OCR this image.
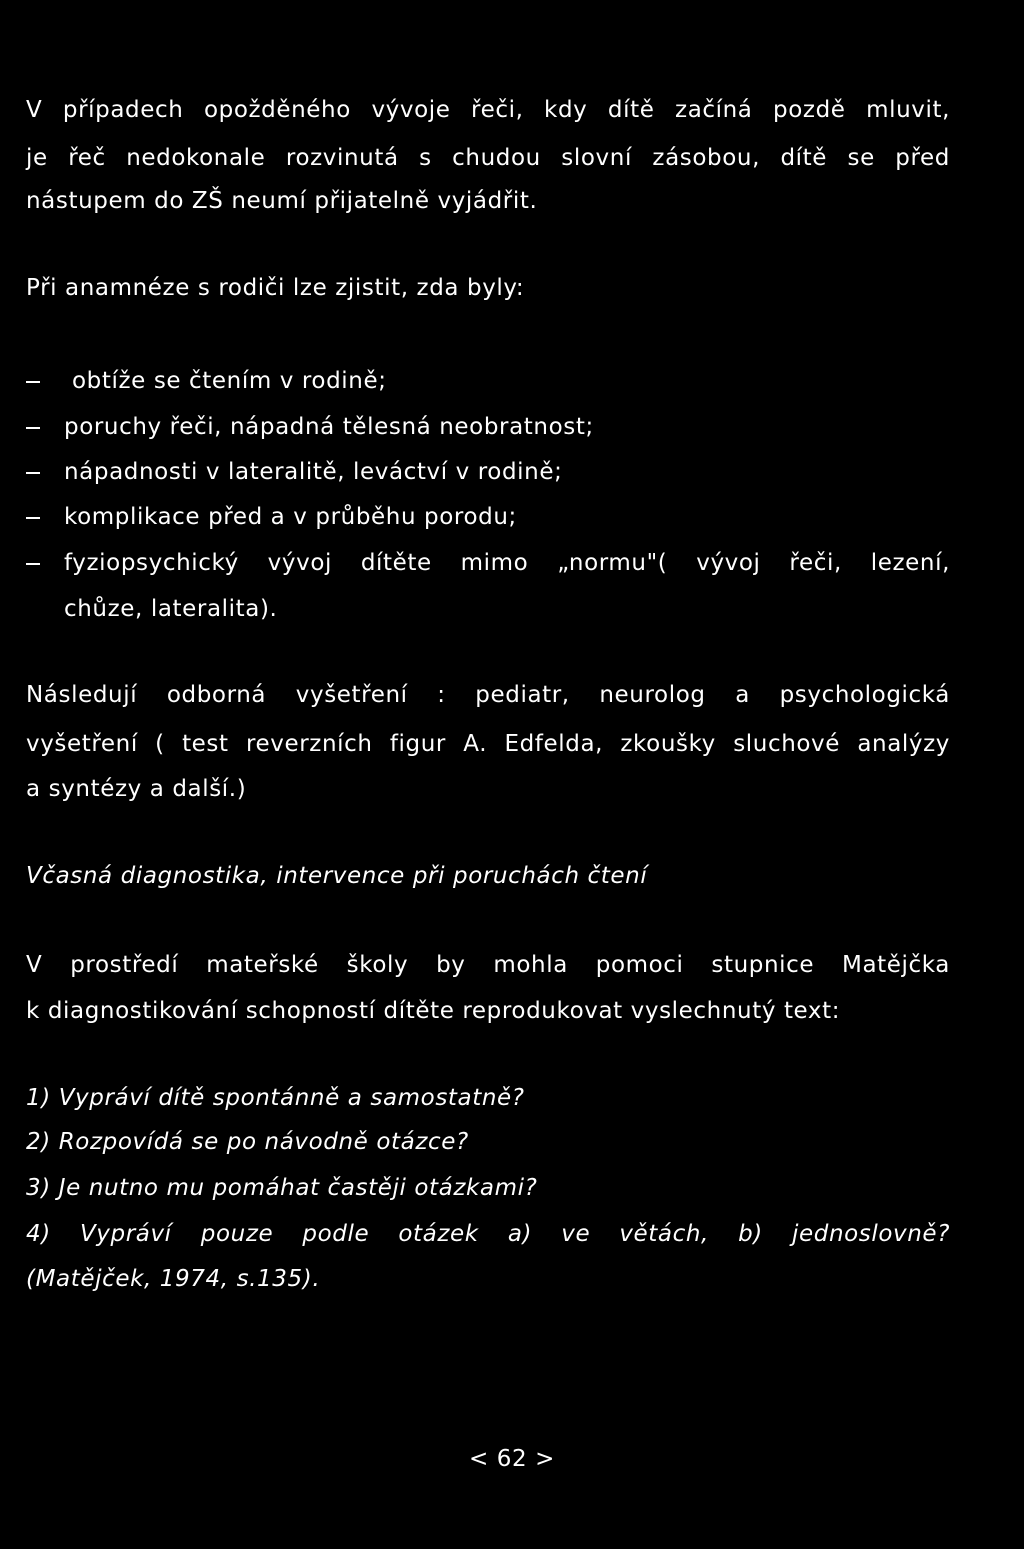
V případech opožděného vývoje řeči, kdy dítě začíná pozdě mluvit,
je řeč nedokonale rozvinutá s chudou slovní zásobou, dítě se před
nástupem do ZŠ neumí přijatelně vyjádřit.
Při anamnéze s rodiči lze zjistit, zda byly:
obtíže se čtením v rodině;
poruchy řeči, nápadná tělesná neobratnost;
nápadnosti v lateralitě, leváctví v rodině;
komplikace před a v průběhu porodu;
fyziopsychický vývoj dítěte mimo „normu"( vývoj řeči, lezení,
chůze, lateralita).
Následují odborná vyšetření : pediatr, neurolog a psychologická
vyšetření ( test reverzních figur A. Edfelda, zkoušky sluchové analýzy
a syntézy a další.)
Včasná diagnostika, intervence při poruchách čtení
V prostředí mateřské školy by mohla pomoci stupnice Matějčka
k diagnostikování schopností dítěte reprodukovat vyslechnutý text:
1) Vypráví dítě spontánně a samostatně?
2) Rozpovídá se po návodně otázce?
3) Je nutno mu pomáhat častěji otázkami?
4) Vypráví pouze podle otázek a) ve větách, b) jednoslovně?
(Matějček, 1974, s.135).
< 62 >
